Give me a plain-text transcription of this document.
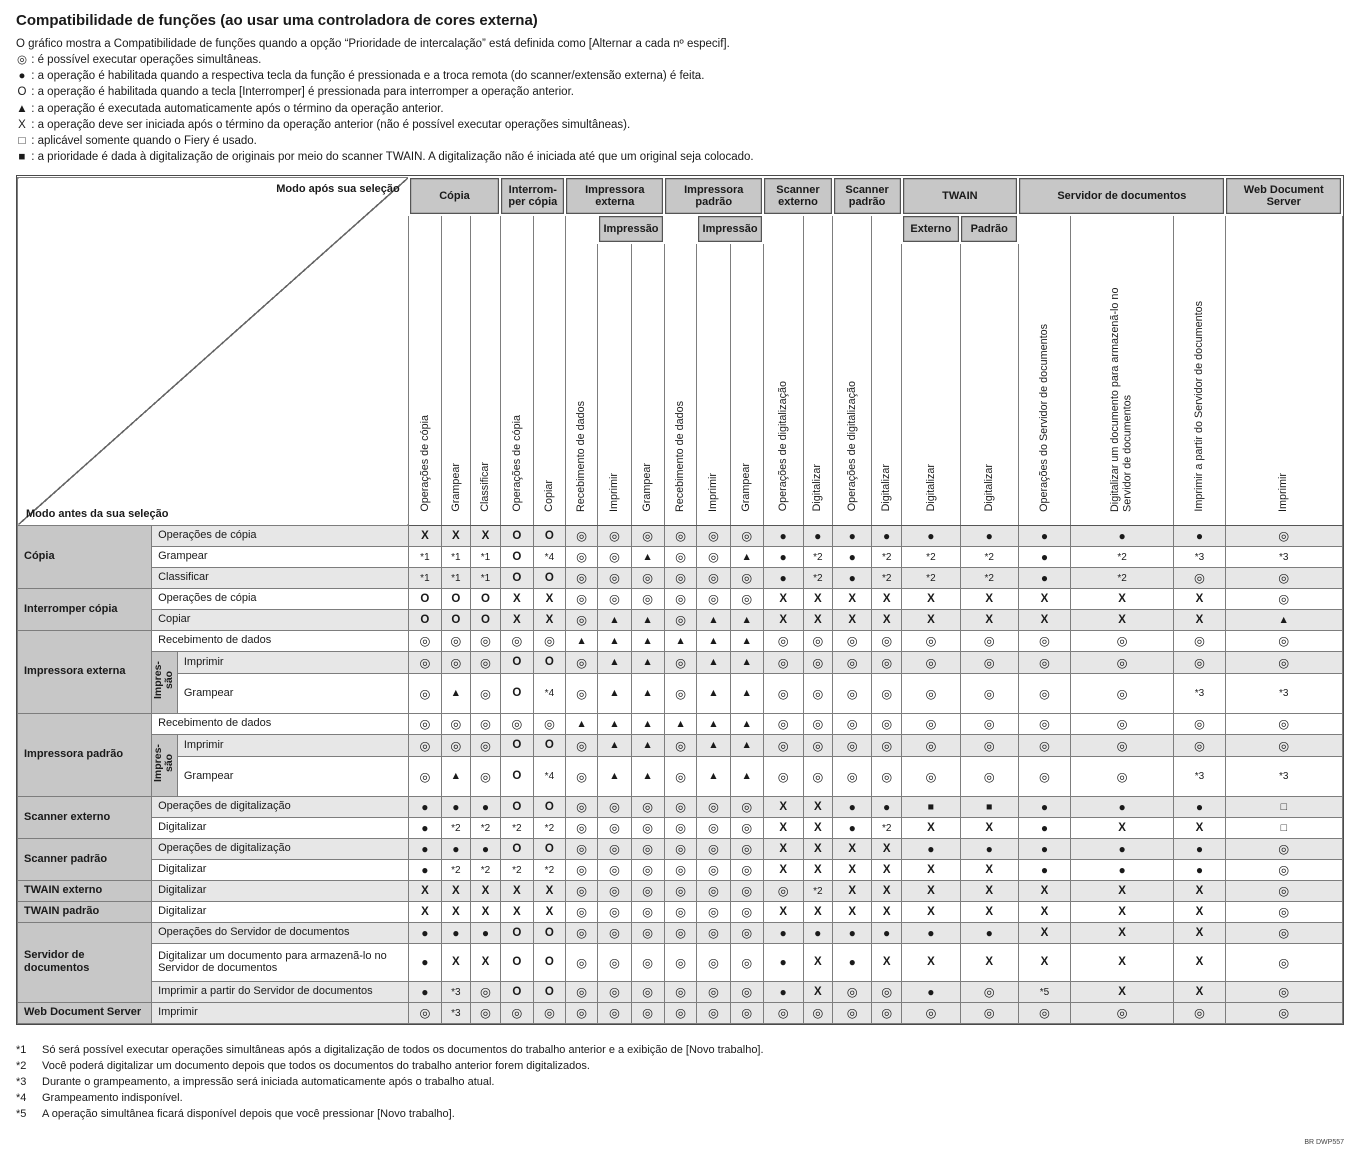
Compatibilidade de funções (ao usar uma controladora de cores externa)
O gráfico mostra a Compatibilidade de funções quando a opção “Prioridade de intercalação” está definida como [Alternar a cada nº especif].
◎ : é possível executar operações simultâneas.
● : a operação é habilitada quando a respectiva tecla da função é pressionada e a troca remota (do scanner/extensão externa) é feita.
O : a operação é habilitada quando a tecla [Interromper] é pressionada para interromper a operação anterior.
▲ : a operação é executada automaticamente após o término da operação anterior.
X : a operação deve ser iniciada após o término da operação anterior (não é possível executar operações simultâneas).
□ : aplicável somente quando o Fiery é usado.
■ : a prioridade é dada à digitalização de originais por meio do scanner TWAIN. A digitalização não é iniciada até que um original seja colocado.
Modo após sua seleção
Modo antes da sua seleção			Cópia			Interrom-per cópia		Impressora externa			Impressora padrão			Scanner externo		Scanner padrão		TWAIN		Servidor de documentos			Web Document Server
			Operações de cópia	Grampear	Classificar	Operações de cópia	Copiar	Recebimento de dados	Impressão		Recebimento de dados	Impressão		Operações de digitalização	Digitalizar	Operações de digitalização	Digitalizar	Externo	Padrão	Operações do Servidor de documentos	Digitalizar um documento para armazenã-lo no Servidor de documentos	Imprimir a partir do Servidor de documentos	Imprimir
									Imprimir	Grampear		Imprimir	Grampear					Digitalizar	Digitalizar				
Cópia	Operações de cópia		X	X	X	O	O	◎	◎	◎	◎	◎	◎	●	●	●	●	●	●	●	●	●	◎
	Grampear		*1	*1	*1	O	*4	◎	◎	▲	◎	◎	▲	●	*2	●	*2	*2	*2	●	*2	*3	*3
	Classificar		*1	*1	*1	O	O	◎	◎	◎	◎	◎	◎	●	*2	●	*2	*2	*2	●	*2	◎	◎
Interromper cópia	Operações de cópia		O	O	O	X	X	◎	◎	◎	◎	◎	◎	X	X	X	X	X	X	X	X	X	◎
	Copiar		O	O	O	X	X	◎	▲	▲	◎	▲	▲	X	X	X	X	X	X	X	X	X	▲
Impressora externa	Recebimento de dados		◎	◎	◎	◎	◎	▲	▲	▲	▲	▲	▲	◎	◎	◎	◎	◎	◎	◎	◎	◎	◎
	Impres-são	Imprimir	◎	◎	◎	O	O	◎	▲	▲	◎	▲	▲	◎	◎	◎	◎	◎	◎	◎	◎	◎	◎
		Grampear	◎	▲	◎	O	*4	◎	▲	▲	◎	▲	▲	◎	◎	◎	◎	◎	◎	◎	◎	*3	*3
Impressora padrão	Recebimento de dados		◎	◎	◎	◎	◎	▲	▲	▲	▲	▲	▲	◎	◎	◎	◎	◎	◎	◎	◎	◎	◎
	Impres-são	Imprimir	◎	◎	◎	O	O	◎	▲	▲	◎	▲	▲	◎	◎	◎	◎	◎	◎	◎	◎	◎	◎
		Grampear	◎	▲	◎	O	*4	◎	▲	▲	◎	▲	▲	◎	◎	◎	◎	◎	◎	◎	◎	*3	*3
Scanner externo	Operações de digitalização		●	●	●	O	O	◎	◎	◎	◎	◎	◎	X	X	●	●	■	■	●	●	●	□
	Digitalizar		●	*2	*2	*2	*2	◎	◎	◎	◎	◎	◎	X	X	●	*2	X	X	●	X	X	□
Scanner padrão	Operações de digitalização		●	●	●	O	O	◎	◎	◎	◎	◎	◎	X	X	X	X	●	●	●	●	●	◎
	Digitalizar		●	*2	*2	*2	*2	◎	◎	◎	◎	◎	◎	X	X	X	X	X	X	●	●	●	◎
TWAIN externo	Digitalizar		X	X	X	X	X	◎	◎	◎	◎	◎	◎	◎	*2	X	X	X	X	X	X	X	◎
TWAIN padrão	Digitalizar		X	X	X	X	X	◎	◎	◎	◎	◎	◎	X	X	X	X	X	X	X	X	X	◎
Servidor de documentos	Operações do Servidor de documentos		●	●	●	O	O	◎	◎	◎	◎	◎	◎	●	●	●	●	●	●	X	X	X	◎
	Digitalizar um documento para armazenã-lo no Servidor de documentos		●	X	X	O	O	◎	◎	◎	◎	◎	◎	●	X	●	X	X	X	X	X	X	◎
	Imprimir a partir do Servidor de documentos		●	*3	◎	O	O	◎	◎	◎	◎	◎	◎	●	X	◎	◎	●	◎	*5	X	X	◎
Web Document Server	Imprimir		◎	*3	◎	◎	◎	◎	◎	◎	◎	◎	◎	◎	◎	◎	◎	◎	◎	◎	◎	◎	◎
*1	Só será possível executar operações simultâneas após a digitalização de todos os documentos do trabalho anterior e a exibição de [Novo trabalho].
*2	Você poderá digitalizar um documento depois que todos os documentos do trabalho anterior forem digitalizados.
*3	Durante o grampeamento, a impressão será iniciada automaticamente após o trabalho atual.
*4	Grampeamento indisponível.
*5	A operação simultânea ficará disponível depois que você pressionar [Novo trabalho].
BR DWP557
